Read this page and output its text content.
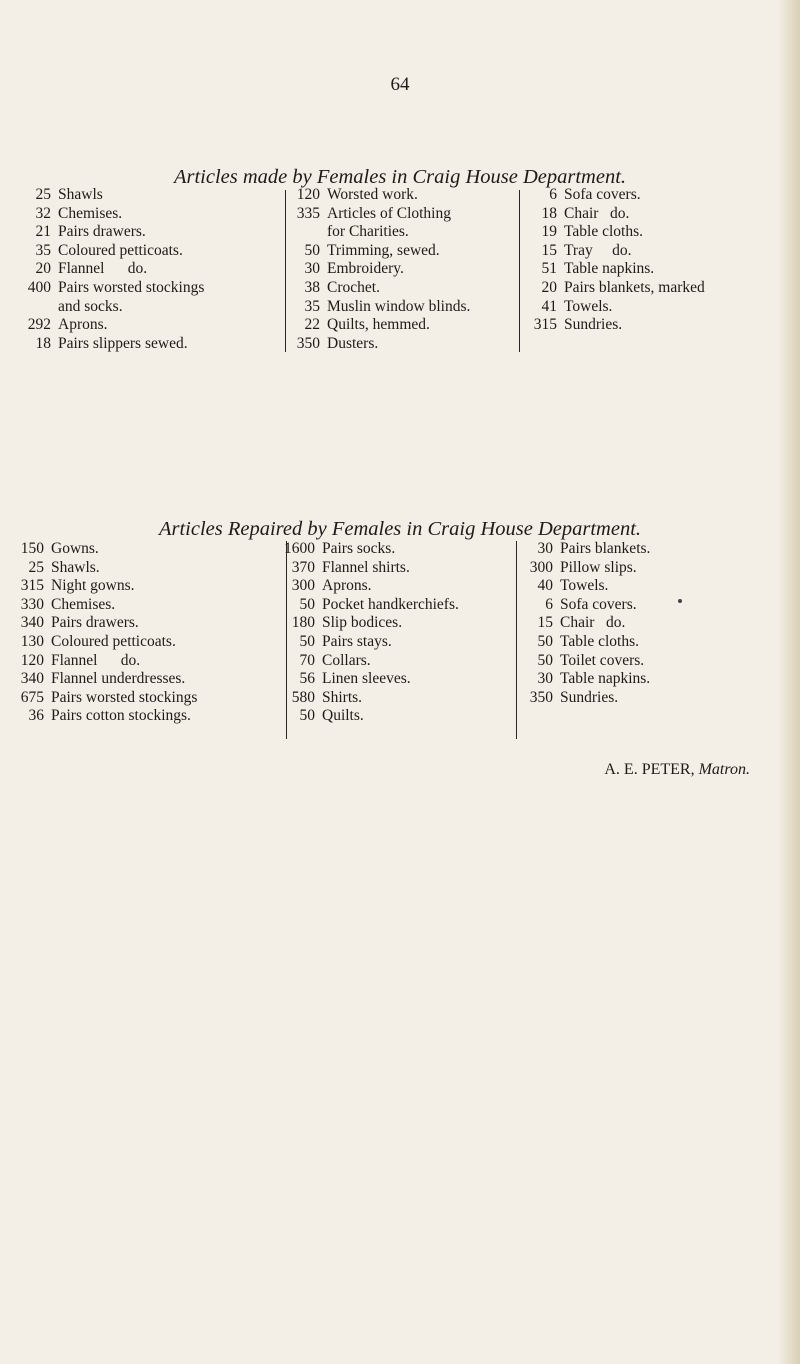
64
Articles made by Females in Craig House Department.
25 Shawls
32 Chemises.
21 Pairs drawers.
35 Coloured petticoats.
20 Flannel      do.
400 Pairs worsted stockings
and socks.
292 Aprons.
18 Pairs slippers sewed.
120 Worsted work.
335 Articles of Clothing
for Charities.
50 Trimming, sewed.
30 Embroidery.
38 Crochet.
35 Muslin window blinds.
22 Quilts, hemmed.
350 Dusters.
6 Sofa covers.
18 Chair   do.
19 Table cloths.
15 Tray     do.
51 Table napkins.
20 Pairs blankets, marked
41 Towels.
315 Sundries.
Articles Repaired by Females in Craig House Department.
150 Gowns.
25 Shawls.
315 Night gowns.
330 Chemises.
340 Pairs drawers.
130 Coloured petticoats.
120 Flannel      do.
340 Flannel underdresses.
675 Pairs worsted stockings
36 Pairs cotton stockings.
1600 Pairs socks.
370 Flannel shirts.
300 Aprons.
50 Pocket handkerchiefs.
180 Slip bodices.
50 Pairs stays.
70 Collars.
56 Linen sleeves.
580 Shirts.
50 Quilts.
30 Pairs blankets.
300 Pillow slips.
40 Towels.
6 Sofa covers.
15 Chair   do.
50 Table cloths.
50 Toilet covers.
30 Table napkins.
350 Sundries.
A. E. PETER, Matron.
